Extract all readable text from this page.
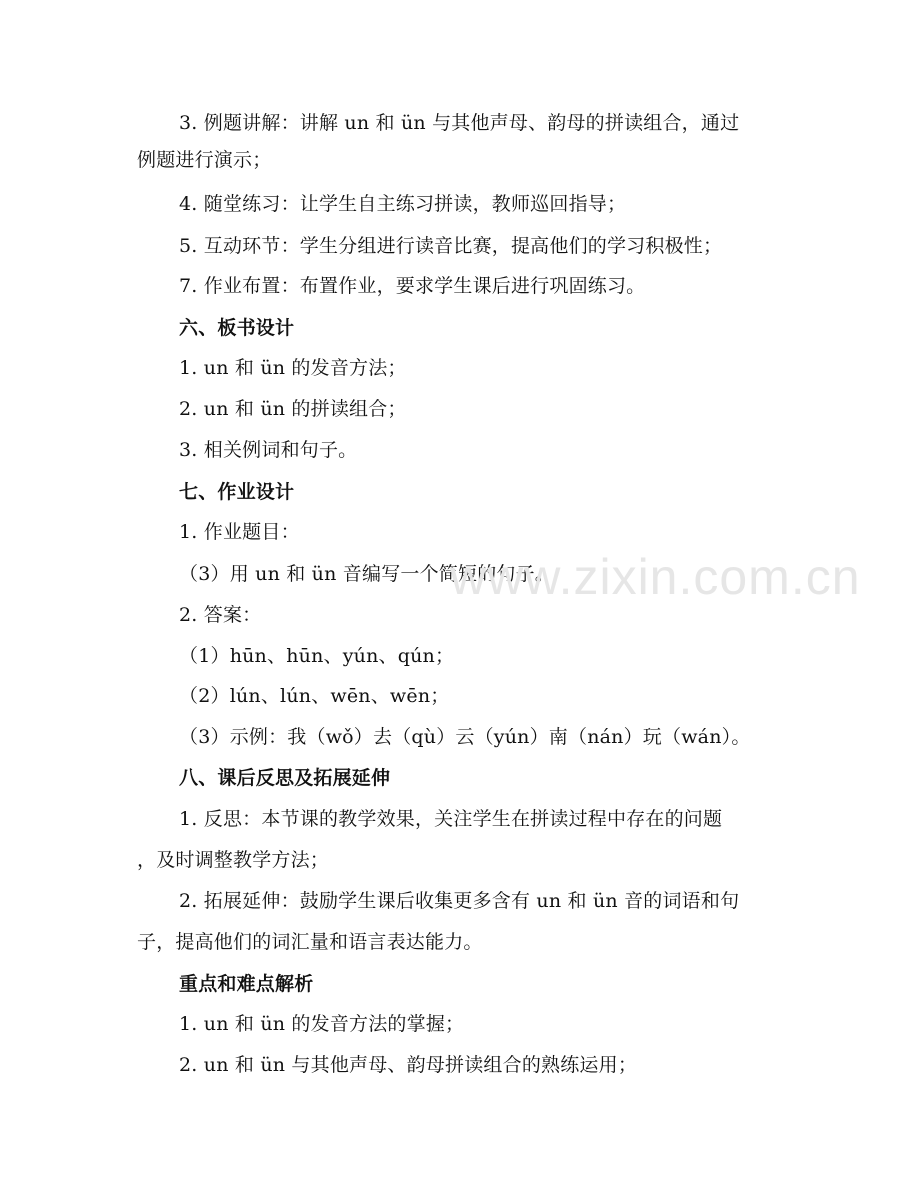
3. 例题讲解：讲解 un 和 ün 与其他声母、韵母的拼读组合，通过
例题进行演示；
4. 随堂练习：让学生自主练习拼读，教师巡回指导；
5. 互动环节：学生分组进行读音比赛，提高他们的学习积极性；
7. 作业布置：布置作业，要求学生课后进行巩固练习。
六、板书设计
1. un 和 ün 的发音方法；
2. un 和 ün 的拼读组合；
3. 相关例词和句子。
七、作业设计
1. 作业题目：
（3）用 un 和 ün 音编写一个简短的句子。
2. 答案：
（1）hūn、hūn、yún、qún；
（2）lún、lún、wēn、wēn；
（3）示例：我（wǒ）去（qù）云（yún）南（nán）玩（wán）。
八、课后反思及拓展延伸
1. 反思：本节课的教学效果，关注学生在拼读过程中存在的问题
，及时调整教学方法；
2. 拓展延伸：鼓励学生课后收集更多含有 un 和 ün 音的词语和句
子，提高他们的词汇量和语言表达能力。
重点和难点解析
1. un 和 ün 的发音方法的掌握；
2. un 和 ün 与其他声母、韵母拼读组合的熟练运用；
www.zixin.com.cn
